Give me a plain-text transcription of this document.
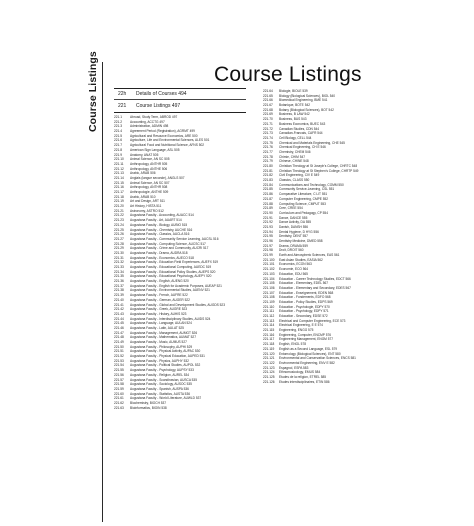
Course Listings	Course Listings
22h Details of Courses 494
221 Course Listings 497
221.1	Abroad, Study Term, ABROD 497
221.2	Accounting, ACCTG 497
221.3	Administration, ADMIN 498
221.4	Agreement Period (Registration), AGRMT 499
221.5	Agricultural and Resource Economics, ARE 500
221.6	Agriculture, Life and Environmental Sciences, ALES 501
221.7	Agricultural Food and Nutritional Science, AFNS 502
221.8	American Sign Language, ASL 505
221.9	Anatomy, ANAT 505
221.10 Animal Science, AN SC 505
221.11 Anthropology, ANTHR 505
221.12 Anthropology, ANTHE 506
221.13 Arabic, ARAB 506
221.14 Anglais (langue seconde), ANGLS 507
221.15 Animal Science, AN SC 507
221.16 Anthropology, ANTHR 508
221.17 Anthropologie, ANTHE 509
221.18 Arabic, ARAB 510
221.19 Art and Design, ART 511
221.20 Art History, HISTA 511
221.21 Astronomy, ASTRO 512
221.22 Augustana Faculty - Accounting, AUACC 514
221.23 Augustana Faculty - Art, AUART 514
221.24 Augustana Faculty - Biology, AUBIO 515
221.25 Augustana Faculty - Chemistry, AUCHE 516
221.26 Augustana Faculty - Classics, AUCLA 516
221.27 Augustana Faculty - Community Service Learning, AUCSL 516
221.28 Augustana Faculty - Computing Science, AUCSC 517
221.29 Augustana Faculty - Crime and Community, AUCRI 517
221.30 Augustana Faculty - Drama, AUDRA 518
221.31 Augustana Faculty - Economics, AUECO 518
221.32 Augustana Faculty - Education Field Experiences, AUEFX 519
221.33 Augustana Faculty - Educational Computing, AUEDC 519
221.34 Augustana Faculty - Educational Policy Studies, AUEPS 520
221.35 Augustana Faculty - Educational Psychology, AUEPY 520
221.36 Augustana Faculty - English, AUENG 520
221.37 Augustana Faculty - English for Academic Purposes, AUEAP 521
221.38 Augustana Faculty - Environmental Studies, AUENV 521
221.39 Augustana Faculty - French, AUFRE 522
221.40 Augustana Faculty - German, AUGER 522
221.41 Augustana Faculty - Global and Development Studies, AUGDS 523
221.42 Augustana Faculty - Greek, AUGRE 523
221.43 Augustana Faculty - History, AUHIS 523
221.44 Augustana Faculty - Interdisciplinary Studies, AUIDS 524
221.45 Augustana Faculty - Language, AULAN 524
221.46 Augustana Faculty - Latin, AULAT 525
221.47 Augustana Faculty - Management, AUMGT 526
221.48 Augustana Faculty - Mathematics, AUMAT 527
221.49 Augustana Faculty - Music, AUMUS 527
221.50 Augustana Faculty - Philosophy, AUPHI 529
221.51 Augustana Faculty - Physical Activity, AUPAC 530
221.52 Augustana Faculty - Physical Education, AUPED 531
221.53 Augustana Faculty - Physics, AUPHY 532
221.54 Augustana Faculty - Political Studies, AUPOL 532
221.55 Augustana Faculty - Psychology, AUPSY 533
221.56 Augustana Faculty - Religion, AUREL 534
221.57 Augustana Faculty - Scandinavian, AUSCA 535
221.58 Augustana Faculty - Sociology, AUSOC 535
221.59 Augustana Faculty - Spanish, AUSPA 536
221.60 Augustana Faculty - Statistics, AUSTA 536
221.61 Augustana Faculty - World Literature, AUWLD 537
221.62 Biochemistry, BIOCH 537
221.63 Bioinformatics, BIOIN 538
221.64 Biologie, BIOLE 539
221.65 Biology (Biological Sciences), BIOL 540
221.66 Biomedical Engineering, BME 541
221.67 Botanique, BOTE 542
221.68 Botany (Biological Sciences), BOT 542
221.69 Business, B LAW 542
221.70 Business, BUS 543
221.71 Business Economics, BUEC 543
221.72 Canadian Studies, CDN 544
221.73 Canadian-Francais, CAFR 544
221.74 Cell Biology, CELL 544
221.75 Chemical and Materials Engineering, CHE 545
221.76 Chemical Engineering, CH E 546
221.77 Chemistry, CHEM 546
221.78 Chimie, CHIM 547
221.79 Chinese, CHINE 548
221.80 Christian Theology at St Joseph's College, CHRTC 548
221.81 Christian Theology at St Stephen's College, CHRTP 549
221.82 Civil Engineering, CIV E 549
221.83 Classics, CLASS 550
221.84 Communications and Technology, COMM 550
221.85 Community Service-Learning, CSL 551
221.86 Comparative Literature, C LIT 551
221.87 Computer Engineering, CMPE 552
221.88 Computing Science, CMPUT 553
221.89 Cree, CREE 554
221.90 Curriculum and Pedagogy, CP 554
221.91 Dance, DANCE 555
221.92 Dance Activity, DA 555
221.93 Danish, DANSH 556
221.94 Dental Hygiene, D HYG 556
221.95 Dentistry, DENT 557
221.96 Dentistry Medicine, DMED 558
221.97 Drama, DRAMA 559
221.98 Droit, DROIT 560
221.99 Earth and Atmospheric Sciences, EAS 561
221.100 East Asian Studies, EASIA 562
221.101 Economics, ECON 563
221.102 Economie, ECO 564
221.103 Education, EDU 565
221.104 Education - Career Technology Studies, EDCT 566
221.105 Education - Elementary, EDEL 567
221.106 Education - Elementary and Secondary, EDES 567
221.107 Education - Enseignement, EDEN 568
221.108 Education - Fondements, EDFO 568
221.109 Education - Policy Studies, EDPS 569
221.110 Education - Psychologie, EDPY 570
221.111 Education - Psychology, EDPY 571
221.112 Education - Secondary, EDSE 572
221.113 Electrical and Computer Engineering, ECE 573
221.114 Electrical Engineering, E E 574
221.115 Engineering, ENGG 575
221.116 Engineering, Computer, ENCMP 576
221.117 Engineering Management, ENGM 577
221.118 English, ENGL 578
221.119 English as a Second Language, ESL 579
221.120 Entomology (Biological Sciences), ENT 580
221.121 Environmental and Conservation Sciences, ENCS 581
221.122 Environmental Engineering, ENV E 582
221.123 Espagnol, ESPA 583
221.124 Ethnomusicology, EMUS 584
221.125 Etudes de la religion, ETREL 585
221.126 Etudes interdisciplinaires, ETIN 586
